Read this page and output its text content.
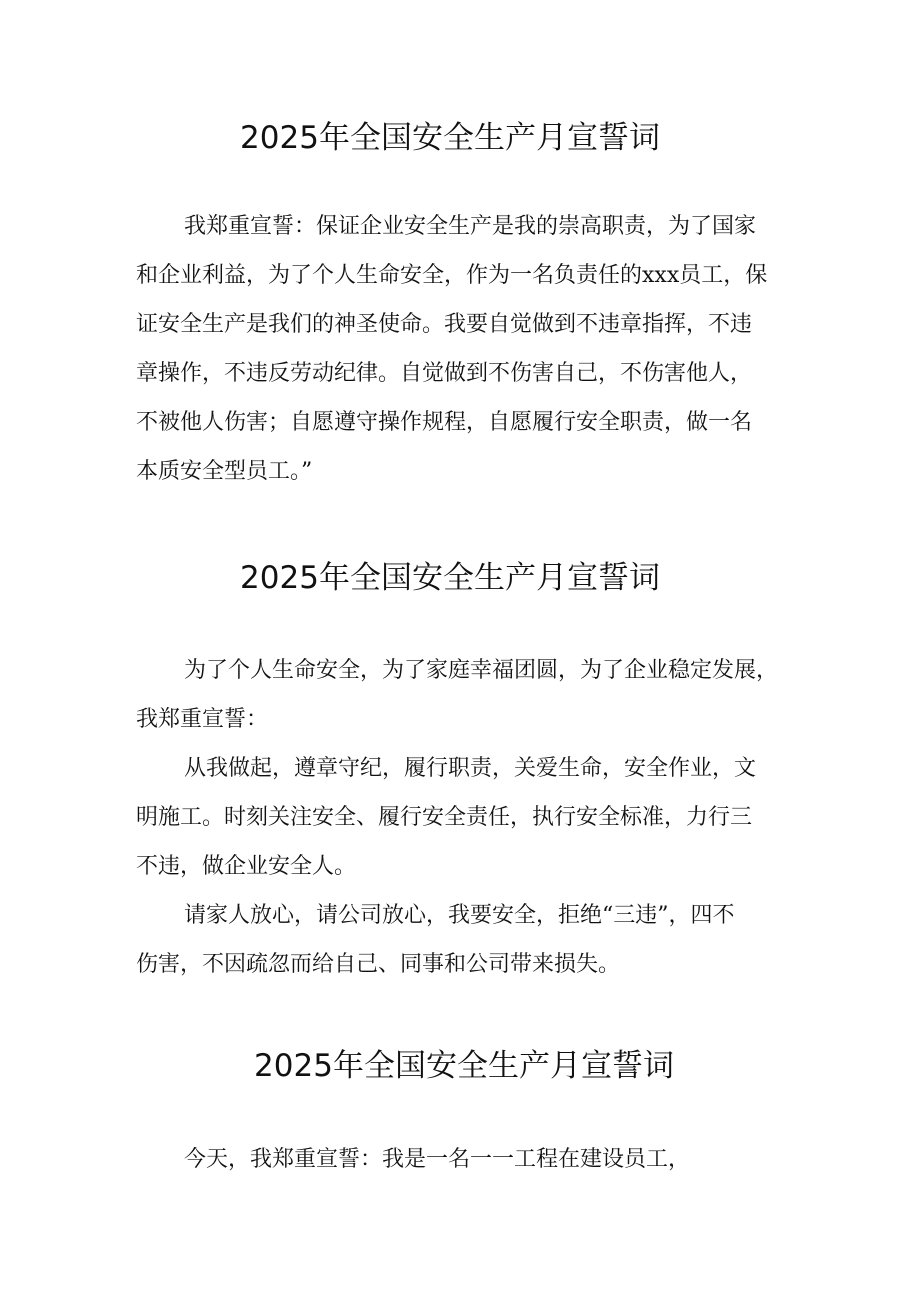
2025年全国安全生产月宣誓词

我郑重宣誓：保证企业安全生产是我的崇高职责，为了国家

和企业利益，为了个人生命安全，作为一名负责任的xxx员工，保

证安全生产是我们的神圣使命。我要自觉做到不违章指挥，不违

章操作，不违反劳动纪律。自觉做到不伤害自己，不伤害他人，

不被他人伤害；自愿遵守操作规程，自愿履行安全职责，做一名

本质安全型员工。”

2025年全国安全生产月宣誓词

为了个人生命安全，为了家庭幸福团圆，为了企业稳定发展，

我郑重宣誓：

从我做起，遵章守纪，履行职责，关爱生命，安全作业，文

明施工。时刻关注安全、履行安全责任，执行安全标准，力行三

不违，做企业安全人。

请家人放心，请公司放心，我要安全，拒绝“三违”，四不

伤害，不因疏忽而给自己、同事和公司带来损失。

2025年全国安全生产月宣誓词

今天，我郑重宣誓：我是一名一一工程在建设员工，
